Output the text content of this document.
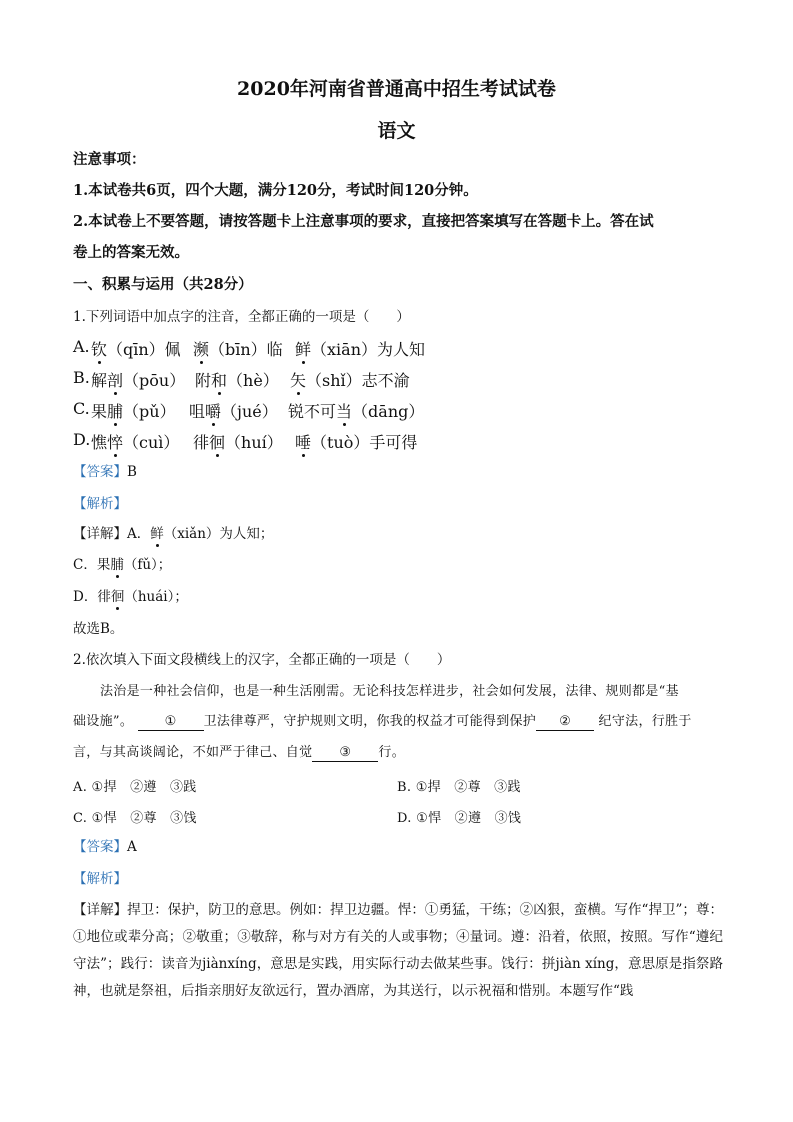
2020年河南省普通高中招生考试试卷
语文
注意事项：
1.本试卷共6页，四个大题，满分120分，考试时间120分钟。
2.本试卷上不要答题，请按答题卡上注意事项的要求，直接把答案填写在答题卡上。答在试
卷上的答案无效。
一、积累与运用（共28分）
1.下列词语中加点字的注音，全都正确的一项是（　　）
A. 钦（qīn）佩 濒（bīn）临 鲜（xiān）为人知
B. 解剖（pōu） 附和（hè） 矢（shǐ）志不渝
C. 果脯（pǔ） 咀嚼（jué） 锐不可当（dāng）
D. 憔悴（cuì） 徘徊（huí） 唾（tuò）手可得
【答案】B
【解析】
【详解】A．鲜（xiǎn）为人知；
C．果脯（fǔ）；
D．徘徊（huái）；
故选B。
2.依次填入下面文段横线上的汉字，全都正确的一项是（　　）
法治是一种社会信仰，也是一种生活刚需。无论科技怎样进步，社会如何发展，法律、规则都是“基
础设施”。 ① 卫法律尊严，守护规则文明，你我的权益才可能得到保护 ② 纪守法，行胜于
言，与其高谈阔论，不如严于律己、自觉 ③ 行。
A. ①捍　②遵　③践	B. ①捍　②尊　③践
C. ①悍　②尊　③饯	D. ①悍　②遵　③饯
【答案】A
【解析】
【详解】捍卫：保护，防卫的意思。例如：捍卫边疆。悍：①勇猛，干练；②凶狠，蛮横。写作“捍卫”；尊：①地位或辈分高；②敬重；③敬辞，称与对方有关的人或事物；④量词。遵：沿着，依照，按照。写作“遵纪守法”；践行：读音为jiànxíng，意思是实践，用实际行动去做某些事。饯行：拼jiàn xíng，意思原是指祭路神，也就是祭祖，后指亲朋好友欲远行，置办酒席，为其送行，以示祝福和惜别。本题写作“践
